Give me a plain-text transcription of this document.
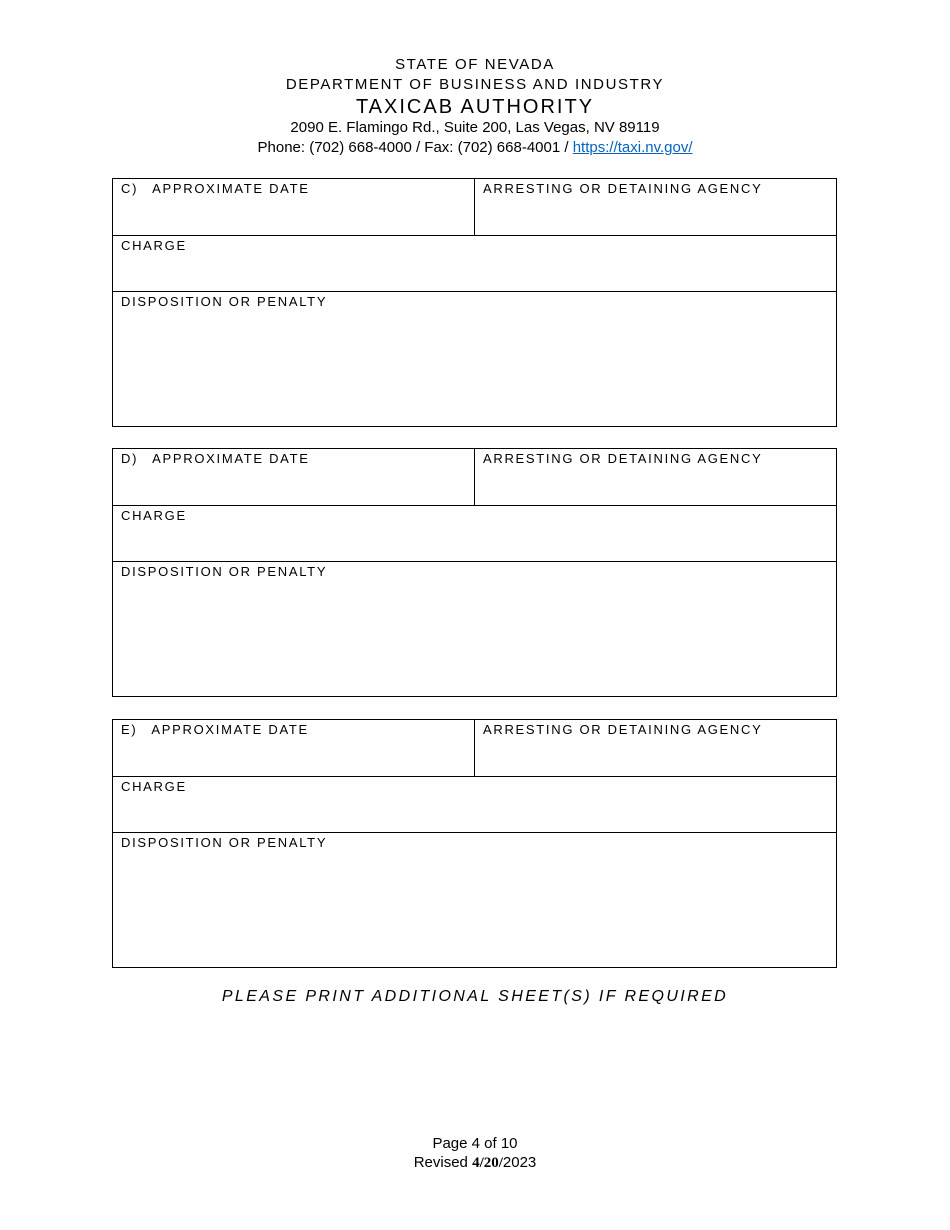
STATE OF NEVADA
DEPARTMENT OF BUSINESS AND INDUSTRY
TAXICAB AUTHORITY
2090 E. Flamingo Rd., Suite 200, Las Vegas, NV 89119
Phone: (702) 668-4000 / Fax: (702) 668-4001 / https://taxi.nv.gov/
C) APPROXIMATE DATE	ARRESTING OR DETAINING AGENCY
CHARGE
DISPOSITION OR PENALTY
D) APPROXIMATE DATE	ARRESTING OR DETAINING AGENCY
CHARGE
DISPOSITION OR PENALTY
E) APPROXIMATE DATE	ARRESTING OR DETAINING AGENCY
CHARGE
DISPOSITION OR PENALTY
PLEASE PRINT ADDITIONAL SHEET(S) IF REQUIRED
Page 4 of 10
Revised 4/20/2023
